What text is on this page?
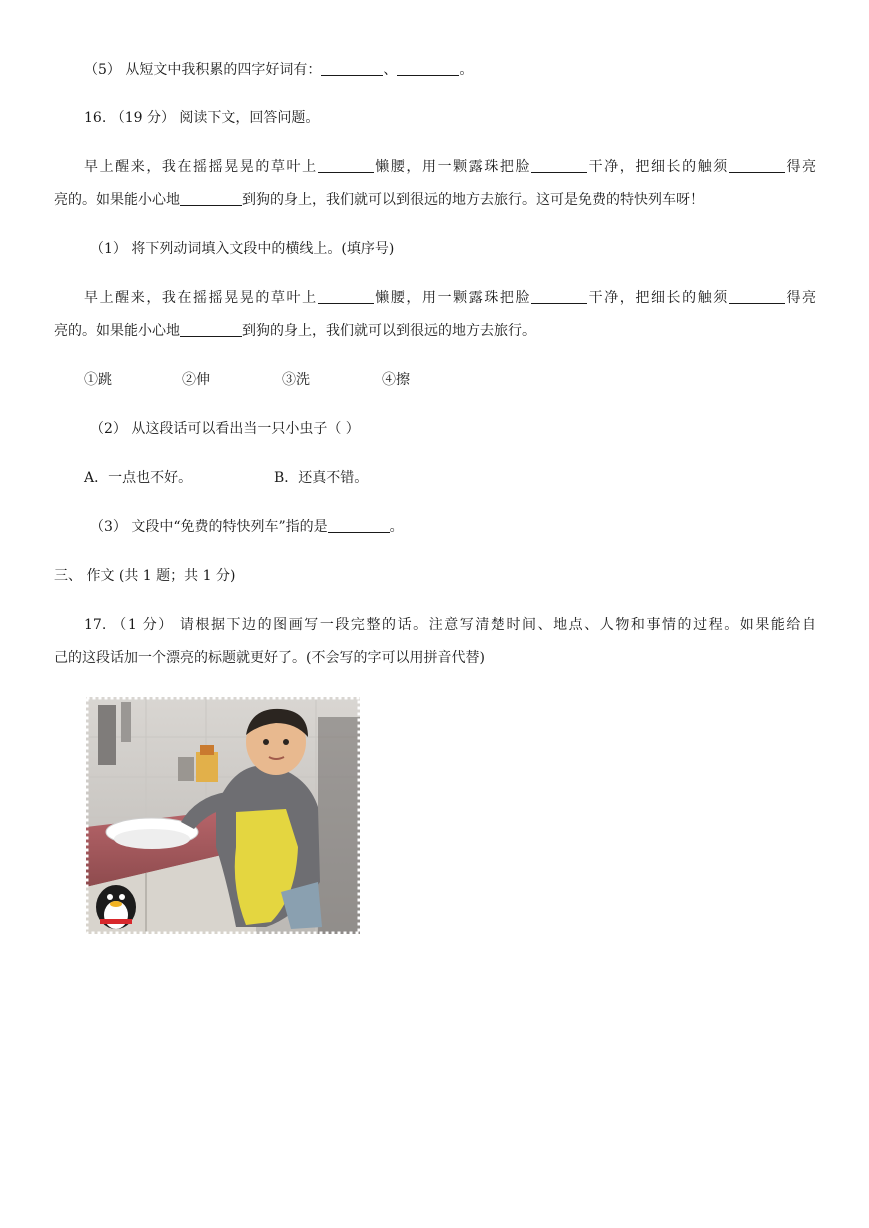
（5） 从短文中我积累的四字好词有：	、	。
16. （19 分） 阅读下文，回答问题。
早上醒来，我在摇摇晃晃的草叶上	懒腰，用一颗露珠把脸	干净，把细长的触须	得亮
亮的。如果能小心地	到狗的身上，我们就可以到很远的地方去旅行。这可是免费的特快列车呀！
（1） 将下列动词填入文段中的横线上。(填序号)
早上醒来，我在摇摇晃晃的草叶上	懒腰，用一颗露珠把脸	干净，把细长的触须	得亮
亮的。如果能小心地	到狗的身上，我们就可以到很远的地方去旅行。
①跳	②伸	③洗	④擦
（2） 从这段话可以看出当一只小虫子（ ）
A．一点也不好。	B．还真不错。
（3） 文段中“免费的特快列车”指的是	。
三、 作文 (共 1 题；共 1 分)
17. （1 分） 请根据下边的图画写一段完整的话。注意写清楚时间、地点、人物和事情的过程。如果能给自
己的这段话加一个漂亮的标题就更好了。(不会写的字可以用拼音代替)
